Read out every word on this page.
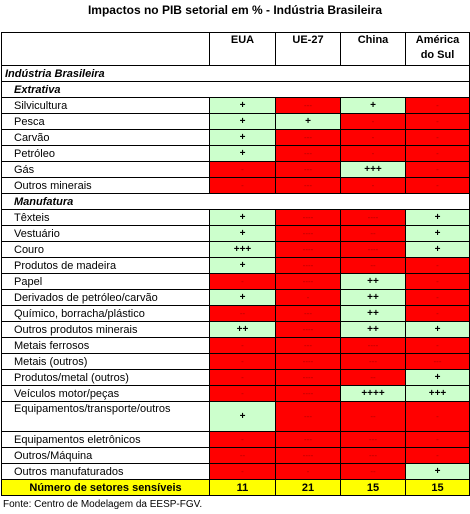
Impactos no PIB setorial em % - Indústria Brasileira
	EUA	UE-27	China	América
do Sul
Indústria Brasileira				
Extrativa				
Silvicultura	+	---	+	-
Pesca	+	+	-	-
Carvão	+	---	-	-
Petróleo	+	---	-	-
Gás	-	---	+++	-
Outros minerais	-	---	-	-
Manufatura				
Têxteis	+	----	----	+
Vestuário	+	----	--	+
Couro	+++	----	----	+
Produtos de madeira	+	----	--	-
Papel	-	----	++	-
Derivados de petróleo/carvão	+	-	++	-
Químico, borracha/plástico	--	---	++	-
Outros produtos minerais	++	----	++	+
Metais ferrosos	-	---	----	-
Metais (outros)	-	----	---	---
Produtos/metal (outros)	-	----	--	+
Veículos motor/peças	-	----	++++	+++
Equipamentos/transporte/outros	+	---	--	-
Equipamentos eletrônicos	-	---	---	-
Outros/Máquina	--	----	---	-
Outros manufaturados	-	-	--	+
Número de setores sensíveis	11	21	15	15
Fonte: Centro de Modelagem da EESP-FGV.
